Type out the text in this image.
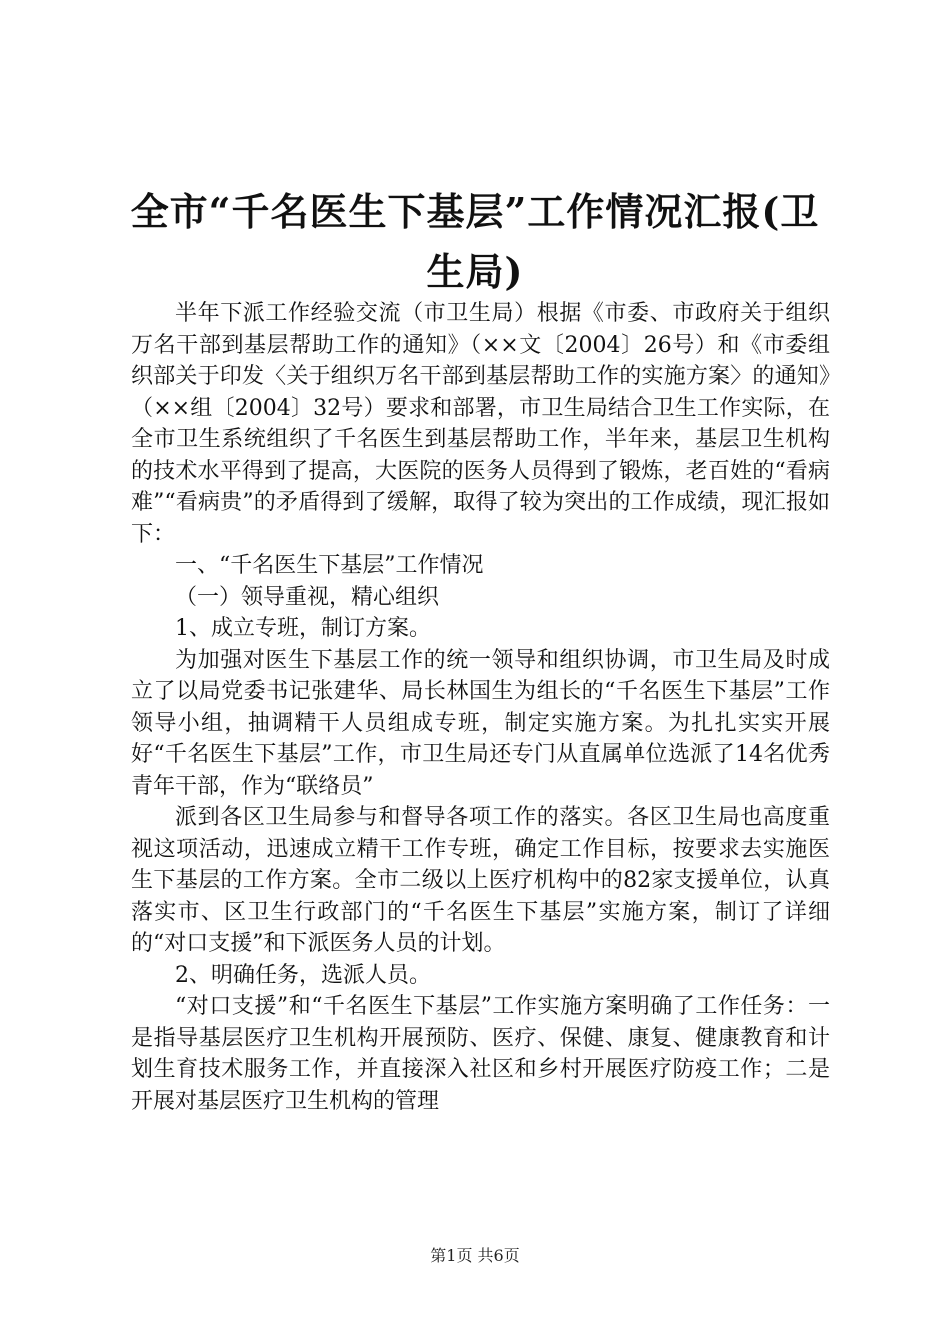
全市“千名医生下基层”工作情况汇报(卫生局)

半年下派工作经验交流（市卫生局）根据《市委、市政府关于组织万名干部到基层帮助工作的通知》（××文〔2004〕26号）和《市委组织部关于印发〈关于组织万名干部到基层帮助工作的实施方案〉的通知》（××组〔2004〕32号）要求和部署，市卫生局结合卫生工作实际，在全市卫生系统组织了千名医生到基层帮助工作，半年来，基层卫生机构的技术水平得到了提高，大医院的医务人员得到了锻炼，老百姓的“看病难”“看病贵”的矛盾得到了缓解，取得了较为突出的工作成绩，现汇报如下：

一、“千名医生下基层”工作情况

（一）领导重视，精心组织

1、成立专班，制订方案。

为加强对医生下基层工作的统一领导和组织协调，市卫生局及时成立了以局党委书记张建华、局长林国生为组长的“千名医生下基层”工作领导小组，抽调精干人员组成专班，制定实施方案。为扎扎实实开展好“千名医生下基层”工作，市卫生局还专门从直属单位选派了14名优秀青年干部，作为“联络员”

派到各区卫生局参与和督导各项工作的落实。各区卫生局也高度重视这项活动，迅速成立精干工作专班，确定工作目标，按要求去实施医生下基层的工作方案。全市二级以上医疗机构中的82家支援单位，认真落实市、区卫生行政部门的“千名医生下基层”实施方案，制订了详细的“对口支援”和下派医务人员的计划。

2、明确任务，选派人员。

“对口支援”和“千名医生下基层”工作实施方案明确了工作任务：一是指导基层医疗卫生机构开展预防、医疗、保健、康复、健康教育和计划生育技术服务工作，并直接深入社区和乡村开展医疗防疫工作；二是开展对基层医疗卫生机构的管理

第1页 共6页
